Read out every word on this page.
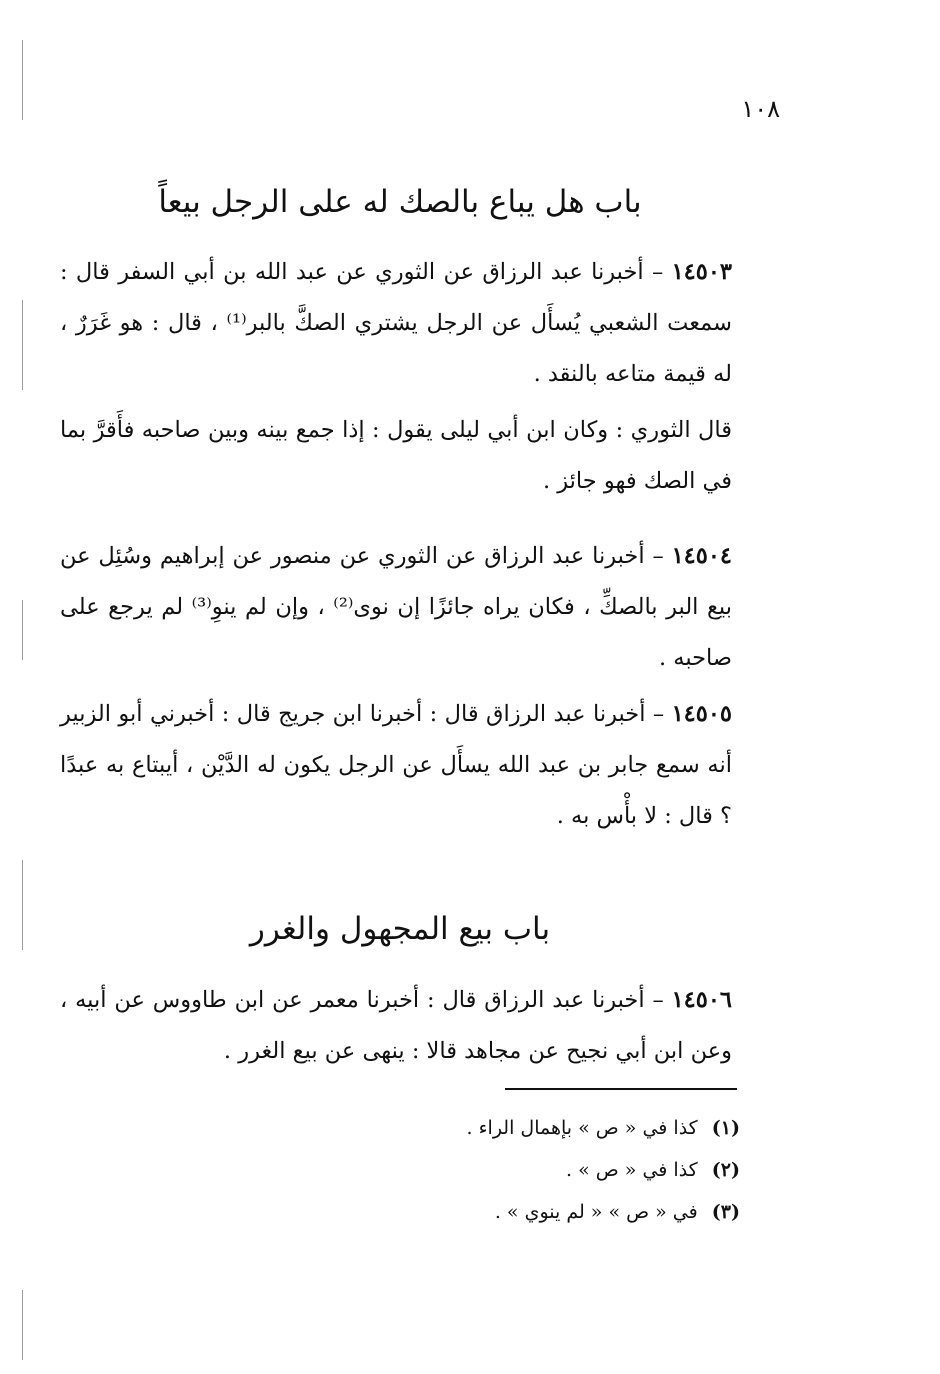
١٠٨
باب هل يباع بالصك له على الرجل بيعاً
١٤٥٠٣ – أخبرنا عبد الرزاق عن الثوري عن عبد الله بن أبي السفر قال : سمعت الشعبي يُسأَل عن الرجل يشتري الصكَّ بالبر⁽¹⁾ ، قال : هو غَرَرٌ ، له قيمة متاعه بالنقد .
قال الثوري : وكان ابن أبي ليلى يقول : إذا جمع بينه وبين صاحبه فأَقرَّ بما في الصك فهو جائز .
١٤٥٠٤ – أخبرنا عبد الرزاق عن الثوري عن منصور عن إبراهيم وسُئِل عن بيع البر بالصكِّ ، فكان يراه جائزًا إن نوى⁽²⁾ ، وإن لم ينوِ⁽³⁾ لم يرجع على صاحبه .
١٤٥٠٥ – أخبرنا عبد الرزاق قال : أخبرنا ابن جريج قال : أخبرني أبو الزبير أنه سمع جابر بن عبد الله يسأَل عن الرجل يكون له الدَّيْن ، أيبتاع به عبدًا ؟ قال : لا بأْس به .
باب بيع المجهول والغرر
١٤٥٠٦ – أخبرنا عبد الرزاق قال : أخبرنا معمر عن ابن طاووس عن أبيه ، وعن ابن أبي نجيح عن مجاهد قالا : ينهى عن بيع الغرر .
(١) كذا في « ص » بإهمال الراء .
(٢) كذا في « ص » .
(٣) في « ص » « لم ينوي » .
